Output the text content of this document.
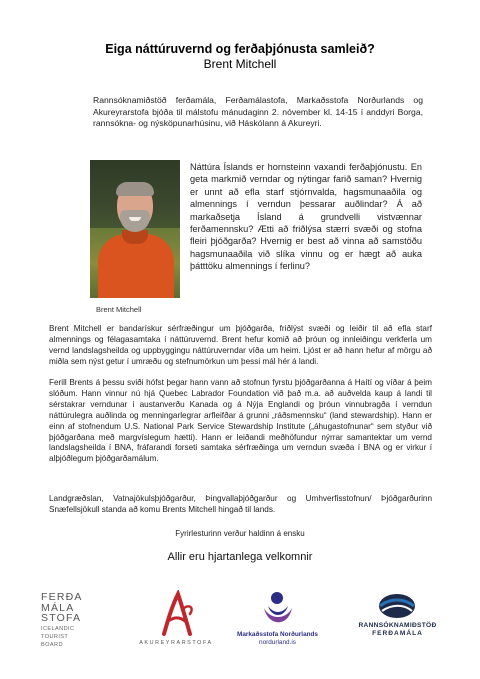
Eiga náttúruvernd og ferðaþjónusta samleið?
Brent Mitchell
Rannsóknamiðstöð ferðamála, Ferðamálastofa, Markaðsstofa Norðurlands og Akureyrarstofa bjóða til málstofu mánudaginn 2. nóvember kl. 14-15 í anddyri Borga, rannsókna- og nýsköpunarhúsinu, við Háskólann á Akureyri.
Brent Mitchell
Náttúra Íslands er hornsteinn vaxandi ferðaþjónustu. En geta markmið verndar og nýtingar farið saman? Hvernig er unnt að efla starf stjórnvalda, hagsmunaaðila og almennings í verndun þessarar auðlindar? Á að markaðsetja Ísland á grundvelli vistvænnar ferðamennsku? Ætti að friðlýsa stærri svæði og stofna fleiri þjóðgarða? Hvernig er best að vinna að samstöðu hagsmunaaðila við slíka vinnu og er hægt að auka þátttöku almennings í ferlinu?
Brent Mitchell er bandarískur sérfræðingur um þjóðgarða, friðlýst svæði og leiðir til að efla starf almennings og félagasamtaka í náttúruvernd. Brent hefur komið að þróun og innleiðingu verkferla um vernd landslagsheilda og uppbyggingu náttúruverndar víða um heim. Ljóst er að hann hefur af mörgu að miðla sem nýst getur í umræðu og stefnumörkun um þessi mál hér á landi.
Ferill Brents á þessu sviði hófst þegar hann vann að stofnun fyrstu þjóðgarðanna á Haítí og víðar á þeim slóðum. Hann vinnur nú hjá Quebec Labrador Foundation við það m.a. að auðvelda kaup á landi til sérstakrar verndunar í austanverðu Kanada og á Nýja Englandi og þróun vinnubragða í verndun náttúrulegra auðlinda og menningarlegrar arfleifðar á grunni „ráðsmennsku“ (land stewardship). Hann er einn af stofnendum U.S. National Park Service Stewardship Institute („áhugastofnunar“ sem styður við þjóðgarðana með margvíslegum hætti). Hann er leiðandi meðhöfundur nýrrar samantektar um vernd landslagsheilda í BNA, fráfarandi forseti samtaka sérfræðinga um verndun svæða í BNA og er virkur í alþjóðlegum þjóðgarðamálum.
Landgræðslan, Vatnajökulsþjóðgarður, Þingvallaþjóðgarður og Umhverfisstofnun/ Þjóðgarðurinn Snæfellsjökull standa að komu Brents Mitchell hingað til lands.
Fyrirlesturinn verður haldinn á ensku
Allir eru hjartanlega velkomnir
FERÐA
MÁLA
STOFA
ICELANDIC
TOURIST
BOARD	AKUREYRARSTOFA
Markaðsstofa Norðurlands
nordurland.is
RANNSÓKNAMIÐSTÖÐ
FERÐAMÁLA
